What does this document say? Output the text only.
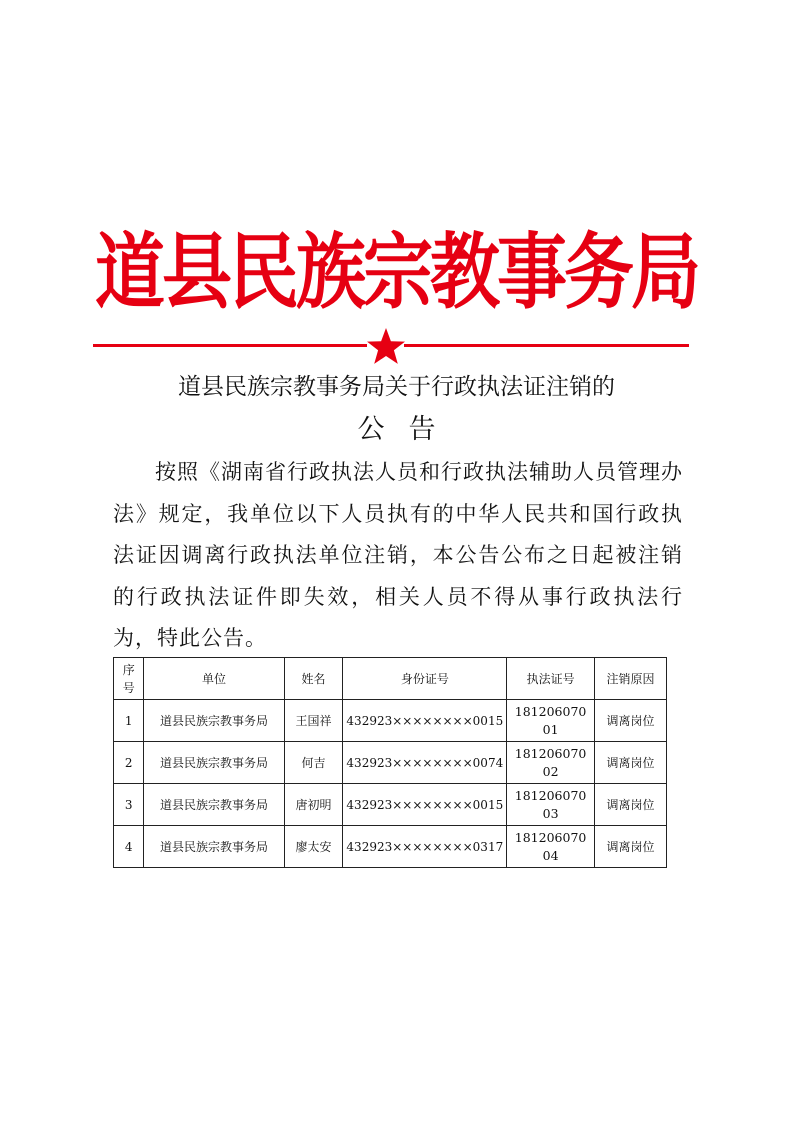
道县民族宗教事务局
道县民族宗教事务局关于行政执法证注销的
公告
按照《湖南省行政执法人员和行政执法辅助人员管理办法》规定，我单位以下人员执有的中华人民共和国行政执法证因调离行政执法单位注销，本公告公布之日起被注销的行政执法证件即失效，相关人员不得从事行政执法行为，特此公告。
序号	单位	姓名	身份证号	执法证号	注销原因
1	道县民族宗教事务局	王国祥	432923××××××××0015	18120607001	调离岗位
2	道县民族宗教事务局	何吉	432923××××××××0074	18120607002	调离岗位
3	道县民族宗教事务局	唐初明	432923××××××××0015	18120607003	调离岗位
4	道县民族宗教事务局	廖太安	432923××××××××0317	18120607004	调离岗位
